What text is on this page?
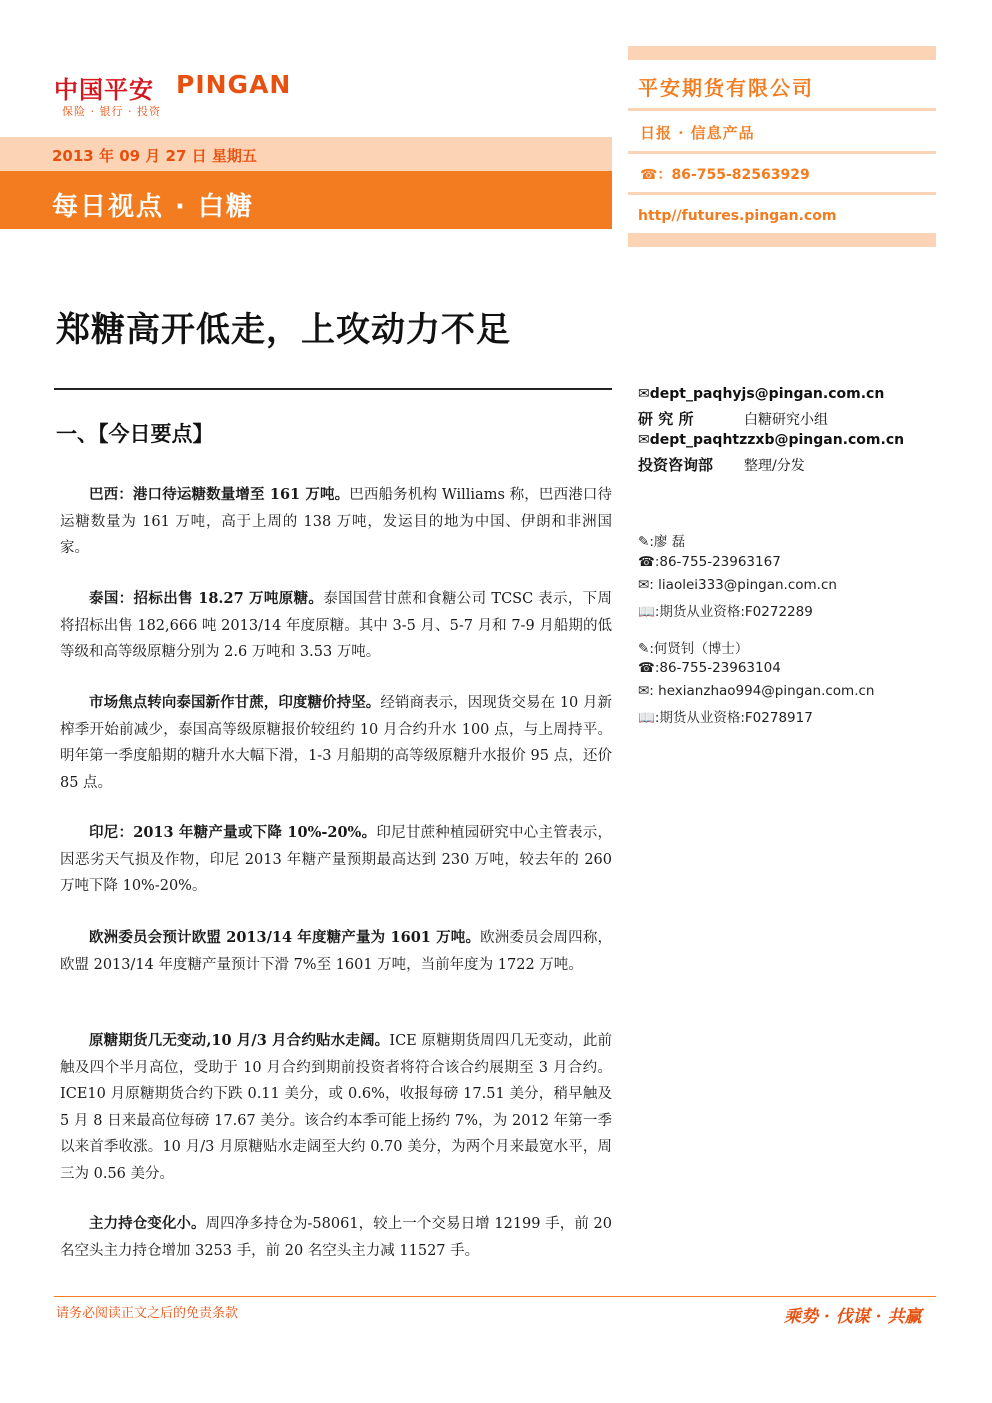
中国平安 PINGAN
保险 · 银行 · 投资
2013 年 09 月 27 日 星期五
每日视点 · 白糖
平安期货有限公司
日报 · 信息产品
☎：86-755-82563929
http//futures.pingan.com
郑糖高开低走，上攻动力不足
一、【今日要点】
✉dept_paqhyjs@pingan.com.cn
研 究 所	白糖研究小组
✉dept_paqhtzzxb@pingan.com.cn
投资咨询部 整理/分发
✎:廖 磊
☎:86-755-23963167
✉: liaolei333@pingan.com.cn
📖:期货从业资格:F0272289
✎:何贤钊（博士）
☎:86-755-23963104
✉: hexianzhao994@pingan.com.cn
📖:期货从业资格:F0278917

巴西：港口待运糖数量增至 161 万吨。巴西船务机构 Williams 称，巴西港口待运糖数量为 161 万吨，高于上周的 138 万吨，发运目的地为中国、伊朗和非洲国家。

泰国：招标出售 18.27 万吨原糖。泰国国营甘蔗和食糖公司 TCSC 表示，下周将招标出售 182,666 吨 2013/14 年度原糖。其中 3-5 月、5-7 月和 7-9 月船期的低等级和高等级原糖分别为 2.6 万吨和 3.53 万吨。

市场焦点转向泰国新作甘蔗，印度糖价持坚。经销商表示，因现货交易在 10 月新榨季开始前减少，泰国高等级原糖报价较纽约 10 月合约升水 100 点，与上周持平。明年第一季度船期的糖升水大幅下滑，1-3 月船期的高等级原糖升水报价 95 点，还价 85 点。

印尼：2013 年糖产量或下降 10%-20%。印尼甘蔗种植园研究中心主管表示，因恶劣天气损及作物，印尼 2013 年糖产量预期最高达到 230 万吨，较去年的 260 万吨下降 10%-20%。

欧洲委员会预计欧盟 2013/14 年度糖产量为 1601 万吨。欧洲委员会周四称，欧盟 2013/14 年度糖产量预计下滑 7%至 1601 万吨，当前年度为 1722 万吨。

原糖期货几无变动,10 月/3 月合约贴水走阔。ICE 原糖期货周四几无变动，此前触及四个半月高位，受助于 10 月合约到期前投资者将符合该合约展期至 3 月合约。ICE10 月原糖期货合约下跌 0.11 美分，或 0.6%，收报每磅 17.51 美分，稍早触及 5 月 8 日来最高位每磅 17.67 美分。该合约本季可能上扬约 7%，为 2012 年第一季以来首季收涨。10 月/3 月原糖贴水走阔至大约 0.70 美分，为两个月来最宽水平，周三为 0.56 美分。

主力持仓变化小。周四净多持仓为-58061，较上一个交易日增 12199 手，前 20 名空头主力持仓增加 3253 手，前 20 名空头主力减 11527 手。

请务必阅读正文之后的免责条款	乘势 · 伐谋 · 共赢
